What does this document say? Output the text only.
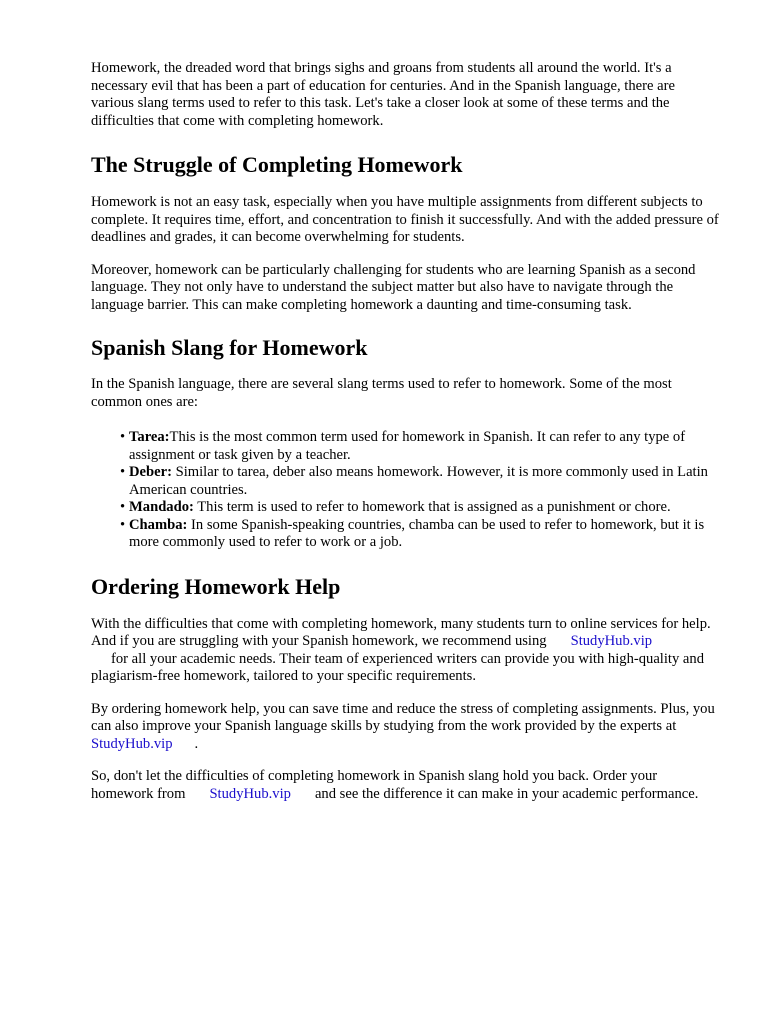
Homework, the dreaded word that brings sighs and groans from students all around the world. It's a necessary evil that has been a part of education for centuries. And in the Spanish language, there are various slang terms used to refer to this task. Let's take a closer look at some of these terms and the difficulties that come with completing homework.

The Struggle of Completing Homework

Homework is not an easy task, especially when you have multiple assignments from different subjects to complete. It requires time, effort, and concentration to finish it successfully. And with the added pressure of deadlines and grades, it can become overwhelming for students.

Moreover, homework can be particularly challenging for students who are learning Spanish as a second language. They not only have to understand the subject matter but also have to navigate through the language barrier. This can make completing homework a daunting and time-consuming task.

Spanish Slang for Homework

In the Spanish language, there are several slang terms used to refer to homework. Some of the most common ones are:

• Tarea:This is the most common term used for homework in Spanish. It can refer to any type of assignment or task given by a teacher.
• Deber: Similar to tarea, deber also means homework. However, it is more commonly used in Latin American countries.
• Mandado: This term is used to refer to homework that is assigned as a punishment or chore.
• Chamba: In some Spanish-speaking countries, chamba can be used to refer to homework, but it is more commonly used to refer to work or a job.
Ordering Homework Help

With the difficulties that come with completing homework, many students turn to online services for help. And if you are struggling with your Spanish homework, we recommend using StudyHub.vip
for all your academic needs. Their team of experienced writers can provide you with high-quality and plagiarism-free homework, tailored to your specific requirements.

By ordering homework help, you can save time and reduce the stress of completing assignments. Plus, you can also improve your Spanish language skills by studying from the work provided by the experts atStudyHub.vip .

So, don't let the difficulties of completing homework in Spanish slang hold you back. Order your homework from StudyHub.vip and see the difference it can make in your academic performance.
